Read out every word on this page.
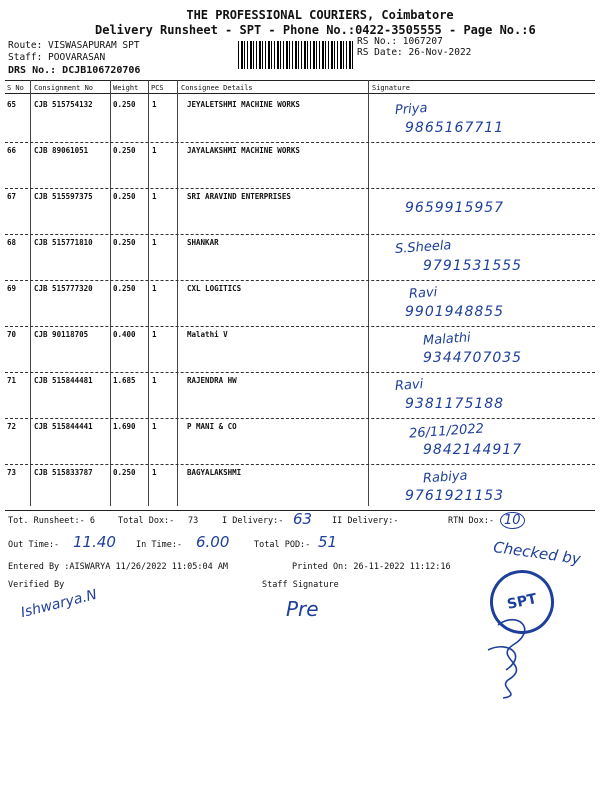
THE PROFESSIONAL COURIERS, Coimbatore
Delivery Runsheet - SPT - Phone No.:0422-3505555 - Page No.:6
Route: VISWASAPURAM SPT
Staff: POOVARASAN
DRS No.: DCJB106720706
RS No.: 1067207
RS Date: 26-Nov-2022
S No Consignment No	Weight PCS Consignee Details	Signature
65 CJB 515754132	0.250 1	JEYALETSHMI MACHINE WORKS	Priya
9865167711
66 CJB 89061051	0.250 1	JAYALAKSHMI MACHINE WORKS
67 CJB 515597375	0.250 1	SRI ARAVIND ENTERPRISES
9659915957
68 CJB 515771810	0.250 1	SHANKAR	S.Sheela
9791531555
69 CJB 515777320	0.250 1	CXL LOGITICS	Ravi
9901948855
70 CJB 90118705	0.400 1	Malathi V	Malathi
9344707035
71 CJB 515844481	1.685 1	RAJENDRA HW	Ravi
9381175188
72 CJB 515844441	1.690 1	P MANI & CO	26/11/2022
9842144917
73 CJB 515833787	0.250 1	BAGYALAKSHMI	Rabiya
9761921153
Tot. Runsheet:- 6	Total Dox:- 73	I Delivery:- 63 II Delivery:-	RTN Dox:- 10
Checked by
Out Time:- 11.40 In Time:- 6.00	Total POD:- 51
Entered By :AISWARYA 11/26/2022 11:05:04 AM	Printed On: 26-11-2022 11:12:16
Verified By
Ishwarya.N
Staff Signature
Pre	SPT
